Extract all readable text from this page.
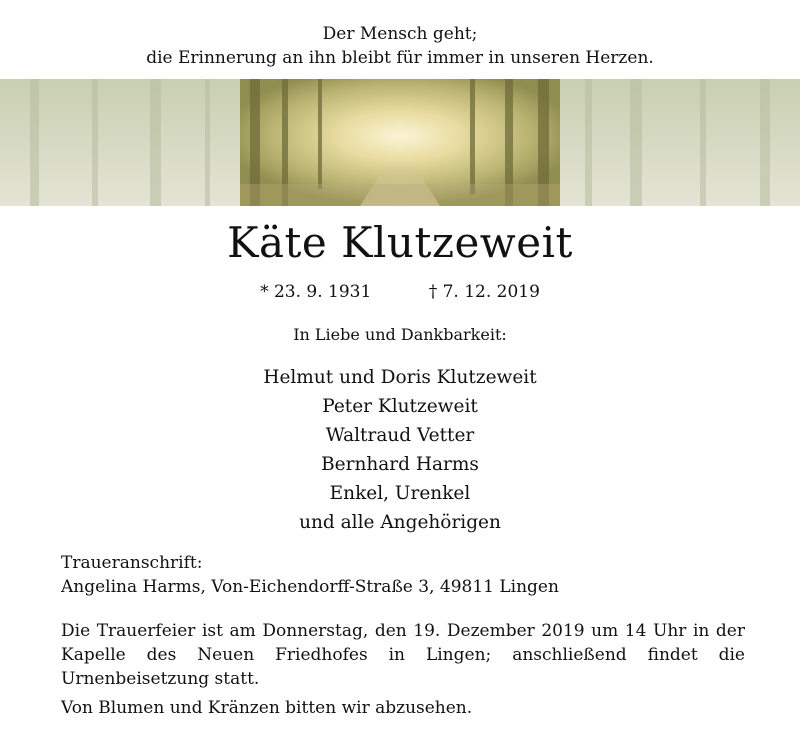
Der Mensch geht;
die Erinnerung an ihn bleibt für immer in unseren Herzen.
Käte Klutzeweit
* 23. 9. 1931	† 7. 12. 2019
In Liebe und Dankbarkeit:
Helmut und Doris Klutzeweit
Peter Klutzeweit
Waltraud Vetter
Bernhard Harms
Enkel, Urenkel
und alle Angehörigen
Traueranschrift:
Angelina Harms, Von-Eichendorff-Straße 3, 49811 Lingen
Die Trauerfeier ist am Donnerstag, den 19. Dezember 2019 um 14 Uhr in der Kapelle des Neuen Friedhofes in Lingen; anschließend findet die Urnenbeisetzung statt.
Von Blumen und Kränzen bitten wir abzusehen.
